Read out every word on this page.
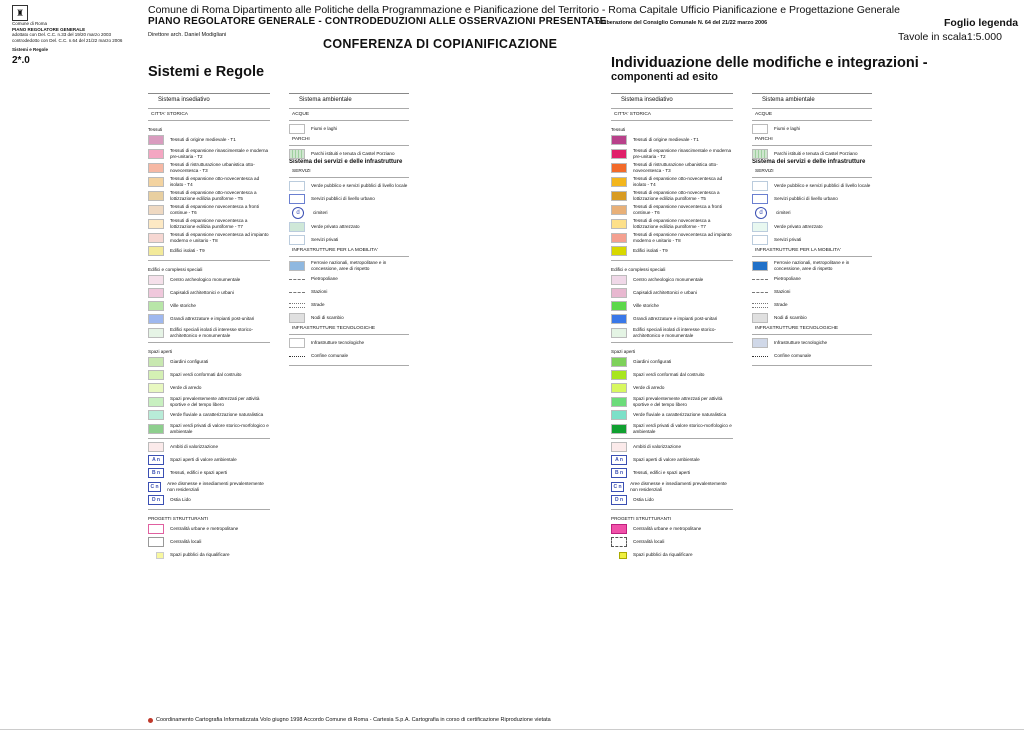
♜
Comune di Roma
PIANO REGOLATORE GENERALE
adottato con Del. C.C. n.33 del 19/20 marzo 2003
controdedotto con Del. C.C. n.64 del 21/22 marzo 2006
Sistemi e Regole
2*.0
Comune di Roma Dipartimento alle Politiche della Programmazione e Pianificazione del Territorio - Roma Capitale Ufficio Pianificazione e Progettazione Generale
PIANO REGOLATORE GENERALE - CONTRODEDUZIONI ALLE OSSERVAZIONI PRESENTATE
- Deliberazione del Consiglio Comunale N. 64 del 21/22 marzo 2006
Direttore arch. Daniel Modigliani
CONFERENZA DI COPIANIFICAZIONE
Foglio legenda
Tavole in scala1:5.000
Sistemi e Regole
Individuazione delle modifiche e integrazioni -
componenti ad esito
Sistema insediativo
CITTA' STORICA
Tessuti
Tessuti di origine medievale - T1
Tessuti di espansione rinascimentale e moderna pre-unitaria - T2
Tessuti di ristrutturazione urbanistica otto-novecentesca - T3
Tessuti di espansione otto-novecentesca ad isolato - T4
Tessuti di espansione otto-novecentesca a lottizzazione edilizia puntiforme - T5
Tessuti di espansione novecentesca a fronti continue - T6
Tessuti di espansione novecentesca a lottizzazione edilizia puntiforme - T7
Tessuti di espansione novecentesca ad impianto moderno e unitario - T8
Edifici isolati - T9
Edifici e complessi speciali
Centro archeologico monumentale
Capisaldi architettonici e urbani
Ville storiche
Grandi attrezzature e impianti post-unitari
Edifici speciali isolati di interesse storico-architettonico e monumentale
Spazi aperti
Giardini configurati
Spazi verdi conformati dal costruito
Verde di arredo
Spazi prevalentemente attrezzati per attività sportive e del tempo libero
Verde fluviale a caratterizzazione naturalistica
Spazi verdi privati di valore storico-morfologico e ambientale
Ambiti di valorizzazione
A n	Spazi aperti di valore ambientale
B n	Tessuti, edifici e spazi aperti
C n	Aree dismesse e insediamenti prevalentemente non residenziali
D n	Ostia Lido
PROGETTI STRUTTURANTI
Centralità urbane e metropolitane
Centralità locali
Spazi pubblici da riqualificare
Sistema ambientale
ACQUE
Fiumi e laghi
PARCHI
Parchi istituiti e tenuta di Castel Porziano
Sistema dei servizi e delle infrastrutture
SERVIZI
Verde pubblico e servizi pubblici di livello locale
Servizi pubblici di livello urbano
d	cimiteri
Verde privato attrezzato
Servizi privati
INFRASTRUTTURE PER LA MOBILITA'
Ferrovie nazionali, metropolitane e in concessione, aree di rispetto
Pietropoliane
Stazioni
Strade
Nodi di scambio
INFRASTRUTTURE TECNOLOGICHE
Infrastrutture tecnologiche
Confine comunale
Sistema insediativo
CITTA' STORICA
Tessuti
Tessuti di origine medievale - T1
Tessuti di espansione rinascimentale e moderna pre-unitaria - T2
Tessuti di ristrutturazione urbanistica otto-novecentesca - T3
Tessuti di espansione otto-novecentesca ad isolato - T4
Tessuti di espansione otto-novecentesca a lottizzazione edilizia puntiforme - T5
Tessuti di espansione novecentesca a fronti continue - T6
Tessuti di espansione novecentesca a lottizzazione edilizia puntiforme - T7
Tessuti di espansione novecentesca ad impianto moderno e unitario - T8
Edifici isolati - T9
Edifici e complessi speciali
Centro archeologico monumentale
Capisaldi architettonici e urbani
Ville storiche
Grandi attrezzature e impianti post-unitari
Edifici speciali isolati di interesse storico-architettonico e monumentale
Spazi aperti
Giardini configurati
Spazi verdi conformati dal costruito
Verde di arredo
Spazi prevalentemente attrezzati per attività sportive e del tempo libero
Verde fluviale a caratterizzazione naturalistica
Spazi verdi privati di valore storico-morfologico e ambientale
Ambiti di valorizzazione
A n	Spazi aperti di valore ambientale
B n	Tessuti, edifici e spazi aperti
C n	Aree dismesse e insediamenti prevalentemente non residenziali
D n	Ostia Lido
PROGETTI STRUTTURANTI
Centralità urbane e metropolitane
Centralità locali
Spazi pubblici da riqualificare
Sistema ambientale
ACQUE
Fiumi e laghi
PARCHI
Parchi istituiti e tenuta di Castel Porziano
Sistema dei servizi e delle infrastrutture
SERVIZI
Verde pubblico e servizi pubblici di livello locale
Servizi pubblici di livello urbano
d	cimiteri
Verde privato attrezzato
Servizi privati
INFRASTRUTTURE PER LA MOBILITA'
Ferrovie nazionali, metropolitane e in concessione, aree di rispetto
Pietropoliane
Stazioni
Strade
Nodi di scambio
INFRASTRUTTURE TECNOLOGICHE
Infrastrutture tecnologiche
Confine comunale
Coordinamento Cartografia Informatizzata Volo giugno 1998 Accordo Comune di Roma - Cartesia S.p.A. Cartografia in corso di certificazione Riproduzione vietata
